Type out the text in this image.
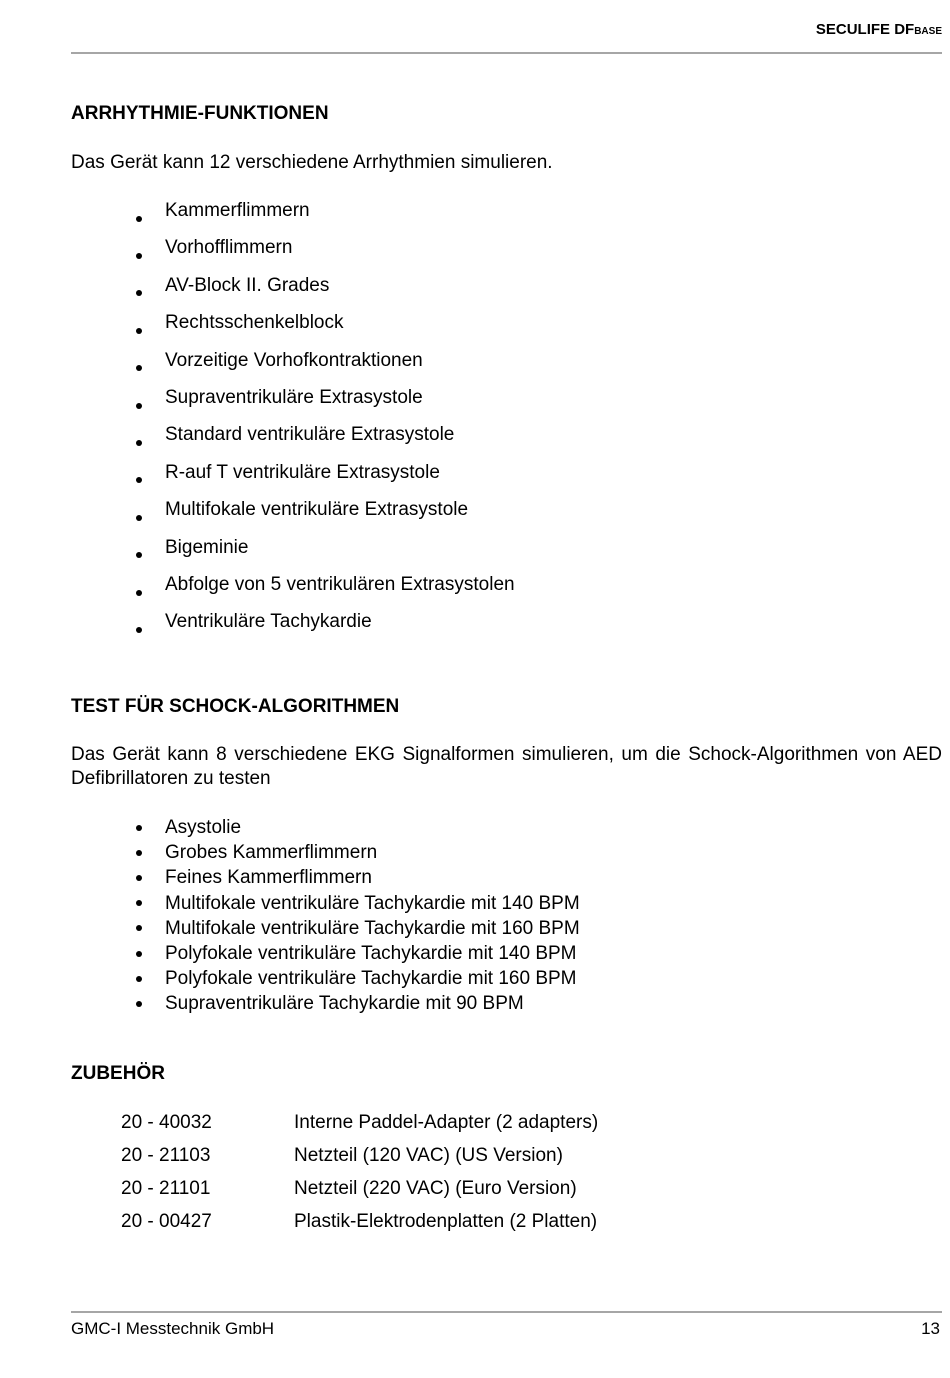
SECULIFE DFBASE
ARRHYTHMIE-FUNKTIONEN
Das Gerät kann 12 verschiedene Arrhythmien simulieren.
Kammerflimmern
Vorhofflimmern
AV-Block II. Grades
Rechtsschenkelblock
Vorzeitige Vorhofkontraktionen
Supraventrikuläre Extrasystole
Standard ventrikuläre Extrasystole
R-auf T ventrikuläre Extrasystole
Multifokale ventrikuläre Extrasystole
Bigeminie
Abfolge von 5 ventrikulären Extrasystolen
Ventrikuläre Tachykardie
TEST FÜR SCHOCK-ALGORITHMEN
Das Gerät kann 8 verschiedene EKG Signalformen simulieren, um die Schock-Algorithmen von AED Defibrillatoren zu testen
Asystolie
Grobes Kammerflimmern
Feines Kammerflimmern
Multifokale ventrikuläre Tachykardie mit 140 BPM
Multifokale ventrikuläre Tachykardie mit 160 BPM
Polyfokale ventrikuläre Tachykardie mit 140 BPM
Polyfokale ventrikuläre Tachykardie mit 160 BPM
Supraventrikuläre Tachykardie mit 90 BPM
ZUBEHÖR
20 - 40032	Interne Paddel-Adapter (2 adapters)
20 - 21103	Netzteil (120 VAC) (US Version)
20 - 21101	Netzteil (220 VAC) (Euro Version)
20 - 00427	Plastik-Elektrodenplatten (2 Platten)
GMC-I Messtechnik GmbH	13
